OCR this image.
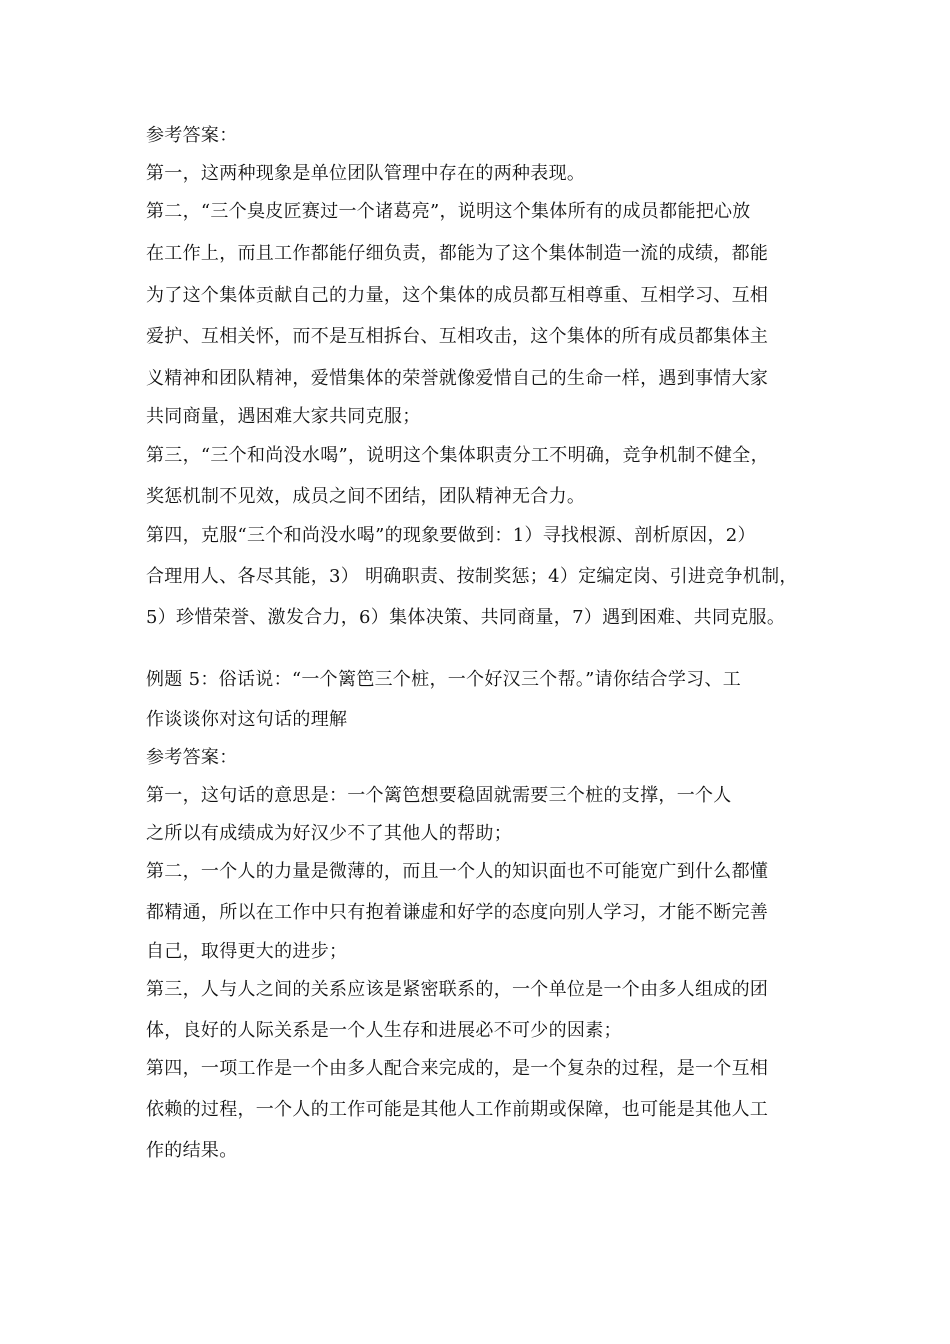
参考答案：
第一，这两种现象是单位团队管理中存在的两种表现。
第二，“三个臭皮匠赛过一个诸葛亮”，说明这个集体所有的成员都能把心放
在工作上，而且工作都能仔细负责，都能为了这个集体制造一流的成绩，都能
为了这个集体贡献自己的力量，这个集体的成员都互相尊重、互相学习、互相
爱护、互相关怀，而不是互相拆台、互相攻击，这个集体的所有成员都集体主
义精神和团队精神，爱惜集体的荣誉就像爱惜自己的生命一样，遇到事情大家
共同商量，遇困难大家共同克服；
第三，“三个和尚没水喝”，说明这个集体职责分工不明确，竞争机制不健全，
奖惩机制不见效，成员之间不团结，团队精神无合力。
第四，克服“三个和尚没水喝”的现象要做到：1）寻找根源、剖析原因，2）
合理用人、各尽其能，3） 明确职责、按制奖惩；4）定编定岗、引进竞争机制，
5）珍惜荣誉、激发合力，6）集体决策、共同商量，7）遇到困难、共同克服。
例题 5：俗话说：“一个篱笆三个桩，一个好汉三个帮。”请你结合学习、工
作谈谈你对这句话的理解
参考答案：
第一，这句话的意思是：一个篱笆想要稳固就需要三个桩的支撑，一个人
之所以有成绩成为好汉少不了其他人的帮助；
第二，一个人的力量是微薄的，而且一个人的知识面也不可能宽广到什么都懂
都精通，所以在工作中只有抱着谦虚和好学的态度向别人学习，才能不断完善
自己，取得更大的进步；
第三，人与人之间的关系应该是紧密联系的，一个单位是一个由多人组成的团
体，良好的人际关系是一个人生存和进展必不可少的因素；
第四，一项工作是一个由多人配合来完成的，是一个复杂的过程，是一个互相
依赖的过程，一个人的工作可能是其他人工作前期或保障，也可能是其他人工
作的结果。
